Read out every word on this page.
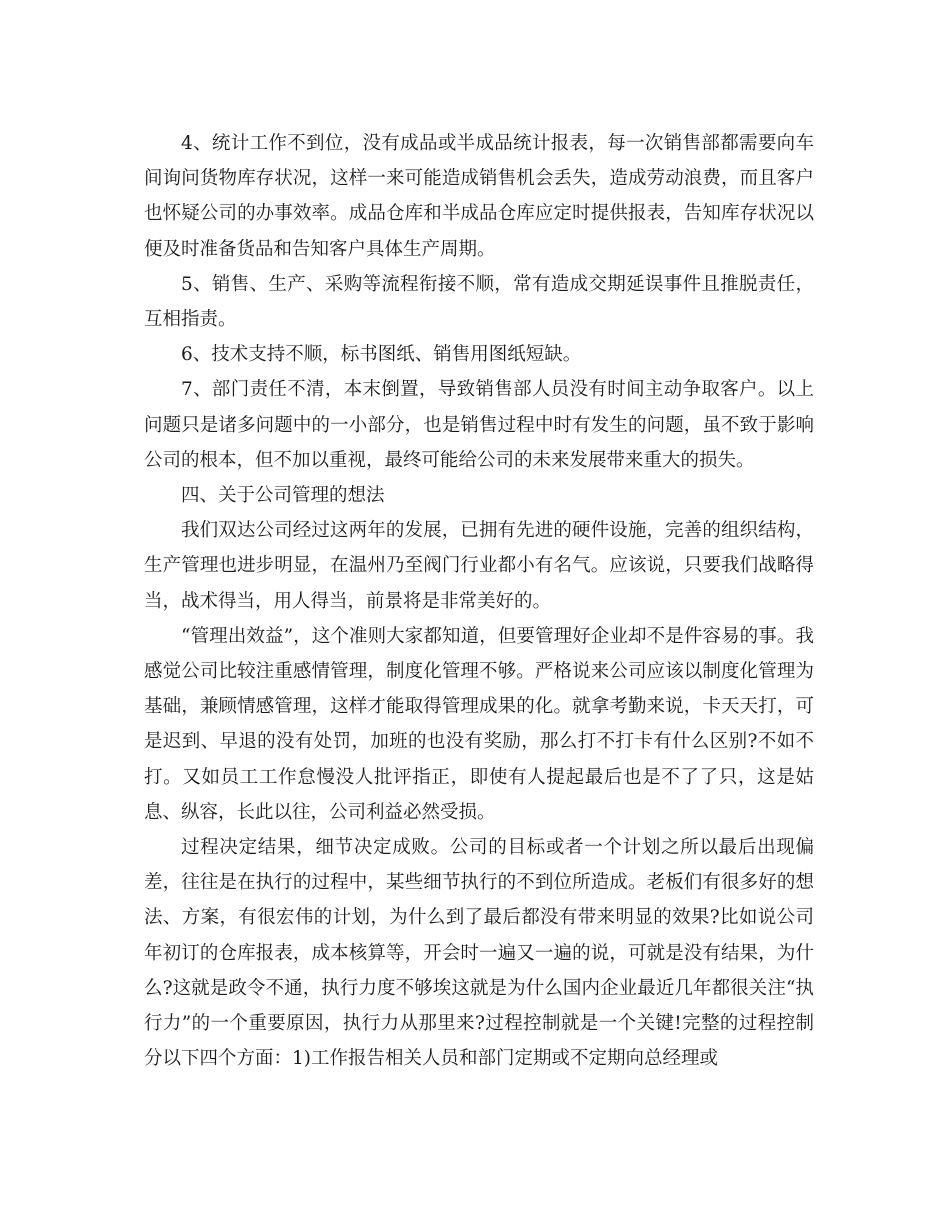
4、统计工作不到位，没有成品或半成品统计报表，每一次销售部都需要向车间询问货物库存状况，这样一来可能造成销售机会丢失，造成劳动浪费，而且客户也怀疑公司的办事效率。成品仓库和半成品仓库应定时提供报表，告知库存状况以便及时准备货品和告知客户具体生产周期。

5、销售、生产、采购等流程衔接不顺，常有造成交期延误事件且推脱责任，互相指责。

6、技术支持不顺，标书图纸、销售用图纸短缺。

7、部门责任不清，本末倒置，导致销售部人员没有时间主动争取客户。以上问题只是诸多问题中的一小部分，也是销售过程中时有发生的问题，虽不致于影响公司的根本，但不加以重视，最终可能给公司的未来发展带来重大的损失。

四、关于公司管理的想法

我们双达公司经过这两年的发展，已拥有先进的硬件设施，完善的组织结构，生产管理也进步明显，在温州乃至阀门行业都小有名气。应该说，只要我们战略得当，战术得当，用人得当，前景将是非常美好的。

“管理出效益”，这个准则大家都知道，但要管理好企业却不是件容易的事。我感觉公司比较注重感情管理，制度化管理不够。严格说来公司应该以制度化管理为基础，兼顾情感管理，这样才能取得管理成果的化。就拿考勤来说，卡天天打，可是迟到、早退的没有处罚，加班的也没有奖励，那么打不打卡有什么区别?不如不打。又如员工工作怠慢没人批评指正，即使有人提起最后也是不了了只，这是姑息、纵容，长此以往，公司利益必然受损。

过程决定结果，细节决定成败。公司的目标或者一个计划之所以最后出现偏差，往往是在执行的过程中，某些细节执行的不到位所造成。老板们有很多好的想法、方案，有很宏伟的计划，为什么到了最后都没有带来明显的效果?比如说公司年初订的仓库报表，成本核算等，开会时一遍又一遍的说，可就是没有结果，为什么?这就是政令不通，执行力度不够埃这就是为什么国内企业最近几年都很关注“执行力”的一个重要原因，执行力从那里来?过程控制就是一个关键!完整的过程控制分以下四个方面：1)工作报告相关人员和部门定期或不定期向总经理或
